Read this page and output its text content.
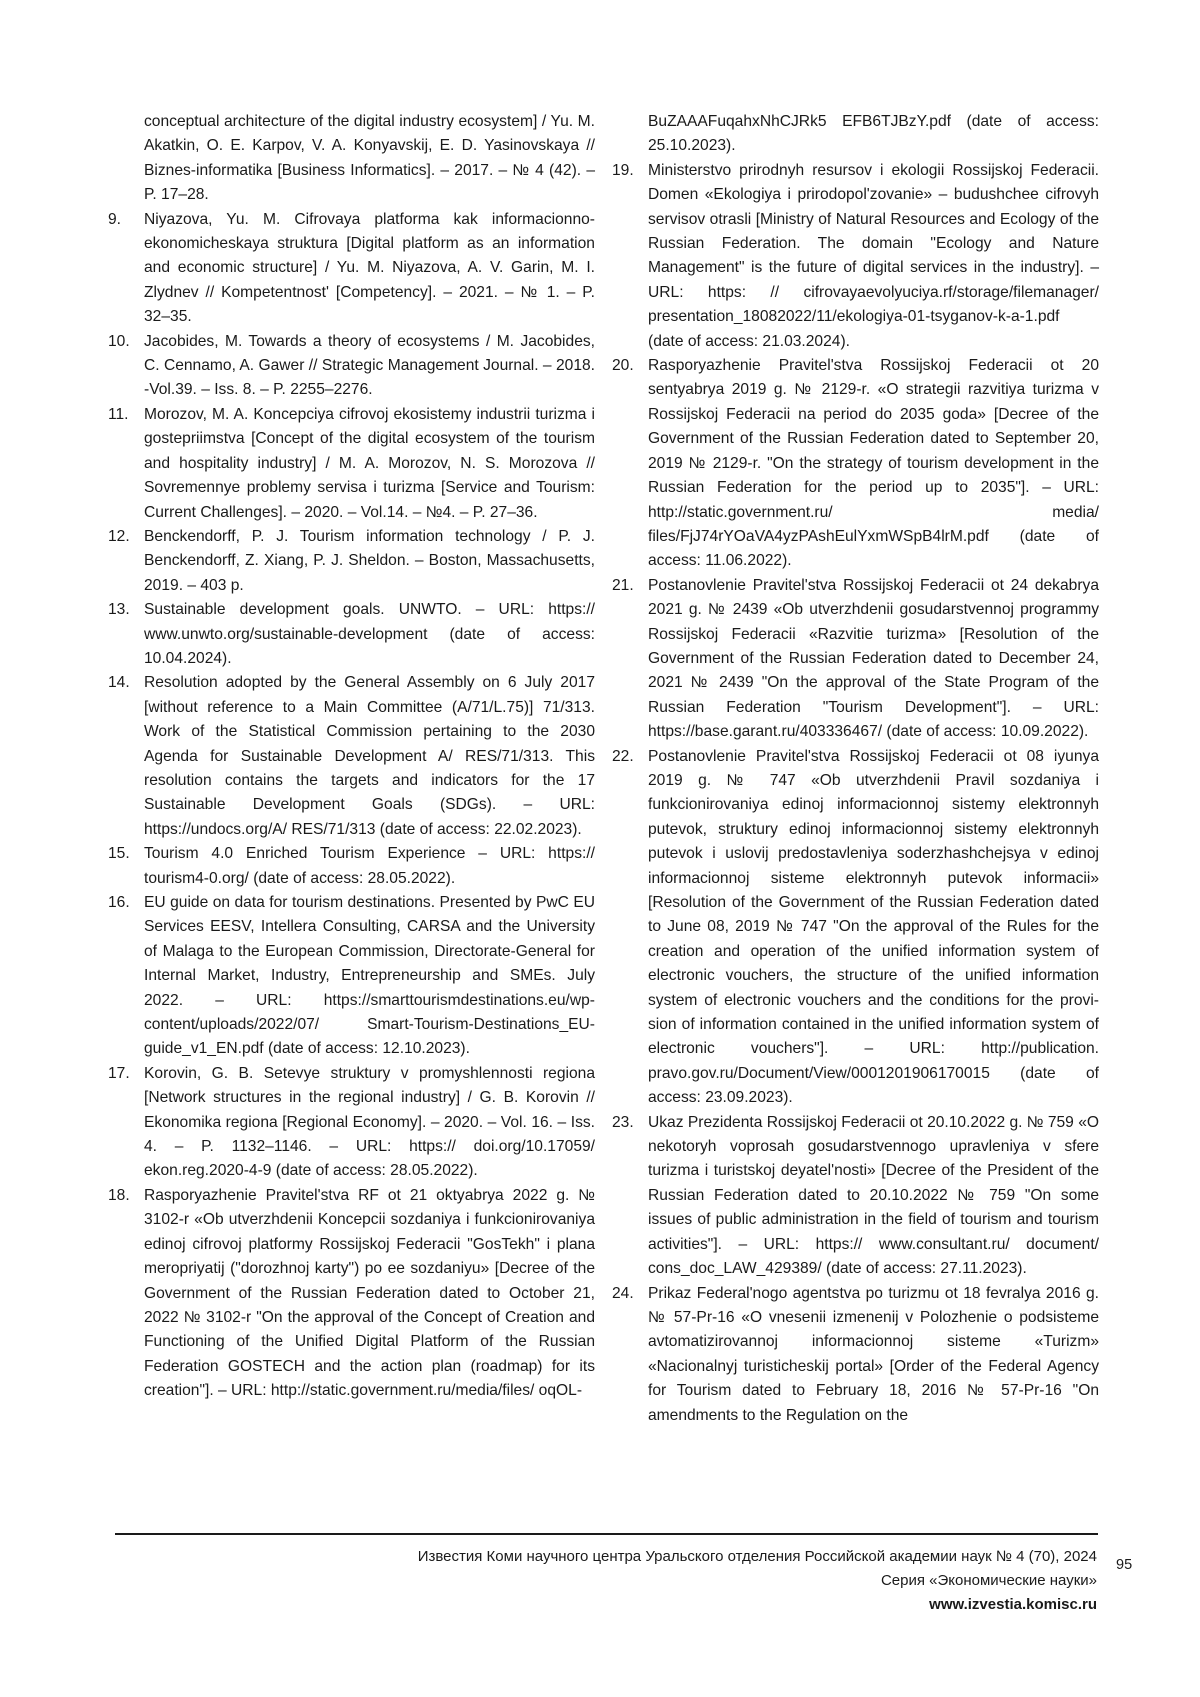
conceptual architecture of the digital industry ecosystem] / Yu. M. Akatkin, O. E. Karpov, V. A. Konyavskij, E. D. Yasinovskaya // Biznes-informatika [Business Informatics]. – 2017. – № 4 (42). – P. 17–28.
9. Niyazova, Yu. M. Cifrovaya platforma kak informacionno-ekonomicheskaya struktura [Digital platform as an information and economic structure] / Yu. M. Niyazova, A. V. Garin, M. I. Zlydnev // Kompetentnost' [Competency]. – 2021. – № 1. – P. 32–35.
10. Jacobides, M. Towards a theory of ecosystems / M. Jacobides, C. Cennamo, A. Gawer // Strategic Management Journal. – 2018. -Vol.39. – Iss. 8. – P. 2255–2276.
11. Morozov, M. A. Koncepciya cifrovoj ekosistemy industrii turizma i gostepriimstva [Concept of the digital ecosystem of the tourism and hospitality industry] / M. A. Morozov, N. S. Morozova // Sovremennye problemy servisa i turizma [Service and Tourism: Current Challenges]. – 2020. – Vol.14. – №4. – P. 27–36.
12. Benckendorff, P. J. Tourism information technology / P. J. Benckendorff, Z. Xiang, P. J. Sheldon. – Boston, Massachusetts, 2019. – 403 p.
13. Sustainable development goals. UNWTO. – URL: https:// www.unwto.org/sustainable-development (date of access: 10.04.2024).
14. Resolution adopted by the General Assembly on 6 July 2017 [without reference to a Main Committee (A/71/L.75)] 71/313. Work of the Statistical Commission pertaining to the 2030 Agenda for Sustainable Development A/ RES/71/313. This resolution contains the targets and indicators for the 17 Sustainable Development Goals (SDGs). – URL: https://undocs.org/A/ RES/71/313 (date of access: 22.02.2023).
15. Tourism 4.0 Enriched Tourism Experience – URL: https:// tourism4-0.org/ (date of access: 28.05.2022).
16. EU guide on data for tourism destinations. Presented by PwC EU Services EESV, Intellera Consulting, CARSA and the University of Malaga to the European Commission, Directorate-General for Internal Market, Industry, Entrepreneurship and SMEs. July 2022. – URL: https://smarttourismdestinations.eu/wp-content/uploads/2022/07/ Smart-Tourism-Destinations_EU-guide_v1_EN.pdf (date of access: 12.10.2023).
17. Korovin, G. B. Setevye struktury v promyshlennosti regiona [Network structures in the regional industry] / G. B. Korovin // Ekonomika regiona [Regional Economy]. – 2020. – Vol. 16. – Iss. 4. – P. 1132–1146. – URL: https:// doi.org/10.17059/ ekon.reg.2020-4-9 (date of access: 28.05.2022).
18. Rasporyazhenie Pravitel'stva RF ot 21 oktyabrya 2022 g. № 3102-r «Ob utverzhdenii Koncepcii sozdaniya i funkcionirovaniya edinoj cifrovoj platformy Rossijskoj Federacii "GosTekh" i plana meropriyatij ("dorozhnoj karty") po ee sozdaniyu» [Decree of the Government of the Russian Federation dated to October 21, 2022 № 3102-r "On the approval of the Concept of Creation and Functioning of the Unified Digital Platform of the Russian Federation GOSTECH and the action plan (roadmap) for its creation"]. – URL: http://static.government.ru/media/files/ oqOL-
BuZAAAFuqahxNhCJRk5 EFB6TJBzY.pdf (date of access: 25.10.2023).
19. Ministerstvo prirodnyh resursov i ekologii Rossijskoj Federacii. Domen «Ekologiya i prirodopol'zovanie» – budushchee cifrovyh servisov otrasli [Ministry of Natural Resources and Ecology of the Russian Federation. The domain "Ecology and Nature Management" is the future of digital services in the industry]. – URL: https: // cifrovayaevolyuciya.rf/storage/filemanager/ presentation_18082022/11/ekologiya-01-tsyganov-k-a-1.pdf (date of access: 21.03.2024).
20. Rasporyazhenie Pravitel'stva Rossijskoj Federacii ot 20 sentyabrya 2019 g. № 2129-r. «O strategii razvitiya turizma v Rossijskoj Federacii na period do 2035 goda» [Decree of the Government of the Russian Federation dated to September 20, 2019 № 2129-r. "On the strategy of tourism development in the Russian Federation for the period up to 2035"]. – URL: http://static.government.ru/ media/ files/FjJ74rYOaVA4yzPAshEulYxmWSpB4lrM.pdf (date of access: 11.06.2022).
21. Postanovlenie Pravitel'stva Rossijskoj Federacii ot 24 dekabrya 2021 g. № 2439 «Ob utverzhdenii gosudarstvennoj programmy Rossijskoj Federacii «Razvitie turizma» [Resolution of the Government of the Russian Federation dated to December 24, 2021 № 2439 "On the approval of the State Program of the Russian Federation "Tourism Development"]. – URL: https://base.garant.ru/403336467/ (date of access: 10.09.2022).
22. Postanovlenie Pravitel'stva Rossijskoj Federacii ot 08 iyunya 2019 g. № 747 «Ob utverzhdenii Pravil sozdaniya i funkcionirovaniya edinoj informacionnoj sistemy elektronnyh putevok, struktury edinoj informacionnoj sistemy elektronnyh putevok i uslovij predostavleniya soderzhashchejsya v edinoj informacionnoj sisteme elektronnyh putevok informacii» [Resolution of the Government of the Russian Federation dated to June 08, 2019 № 747 "On the approval of the Rules for the creation and operation of the unified information system of electronic vouchers, the structure of the unified information system of electronic vouchers and the conditions for the provision of information contained in the unified information system of electronic vouchers"]. – URL: http://publication. pravo.gov.ru/Document/View/0001201906170015 (date of access: 23.09.2023).
23. Ukaz Prezidenta Rossijskoj Federacii ot 20.10.2022 g. № 759 «O nekotoryh voprosah gosudarstvennogo upravleniya v sfere turizma i turistskoj deyatel'nosti» [Decree of the President of the Russian Federation dated to 20.10.2022 № 759 "On some issues of public administration in the field of tourism and tourism activities"]. – URL: https:// www.consultant.ru/ document/ cons_doc_LAW_429389/ (date of access: 27.11.2023).
24. Prikaz Federal'nogo agentstva po turizmu ot 18 fevralya 2016 g. № 57-Pr-16 «O vnesenii izmenenij v Polozhenie o podsisteme avtomatizirovannoj informacionnoj sisteme «Turizm» «Nacionalnyj turisticheskij portal» [Order of the Federal Agency for Tourism dated to February 18, 2016 № 57-Pr-16 "On amendments to the Regulation on the
Известия Коми научного центра Уральского отделения Российской академии наук № 4 (70), 2024
Серия «Экономические науки»
www.izvestia.komisc.ru
95
